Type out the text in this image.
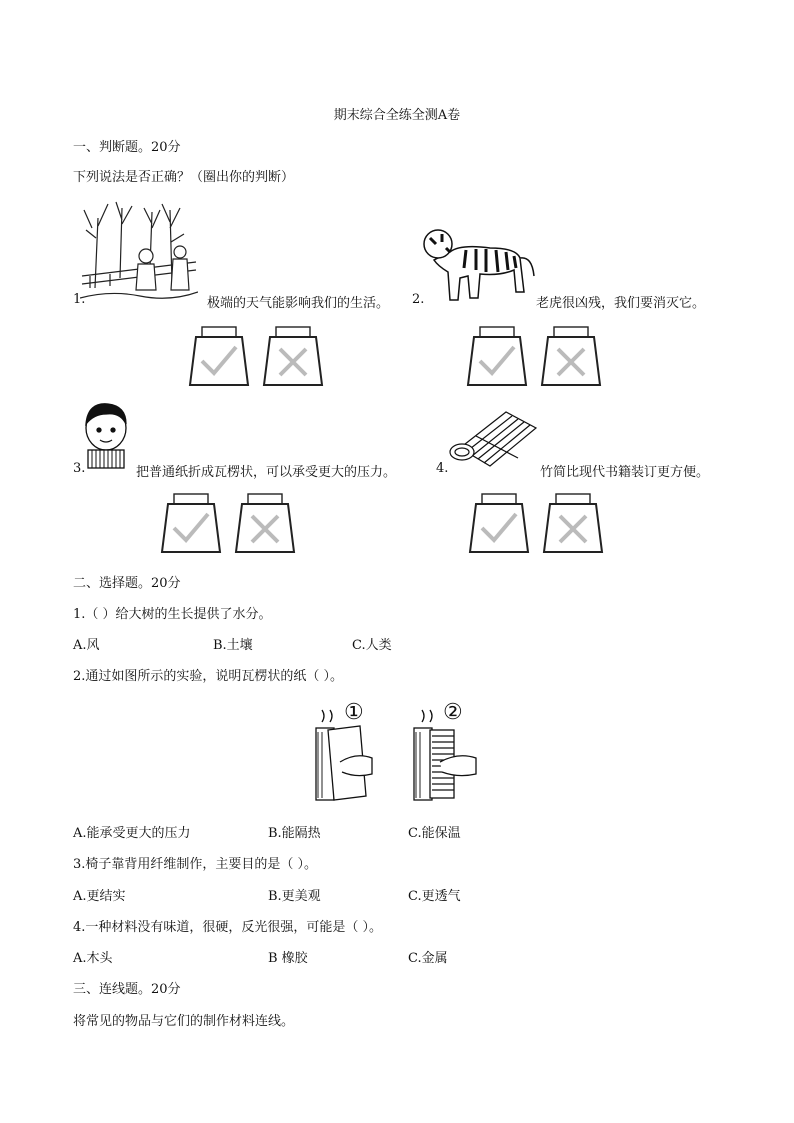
期末综合全练全测A卷
一、判断题。20分
下列说法是否正确？（圈出你的判断）
1.	极端的天气能影响我们的生活。 2.	老虎很凶残，我们要消灭它。
3.	把普通纸折成瓦楞状，可以承受更大的压力。	4.	竹简比现代书籍装订更方便。
二、选择题。20分
1.（ ）给大树的生长提供了水分。
A.风	B.土壤	C.人类
2.通过如图所示的实验，说明瓦楞状的纸（ ）。
①	②
A.能承受更大的压力	B.能隔热	C.能保温
3.椅子靠背用纤维制作，主要目的是（ ）。
A.更结实	B.更美观	C.更透气
4.一种材料没有味道，很硬，反光很强，可能是（ ）。
A.木头	B 橡胶	C.金属
三、连线题。20分
将常见的物品与它们的制作材料连线。
